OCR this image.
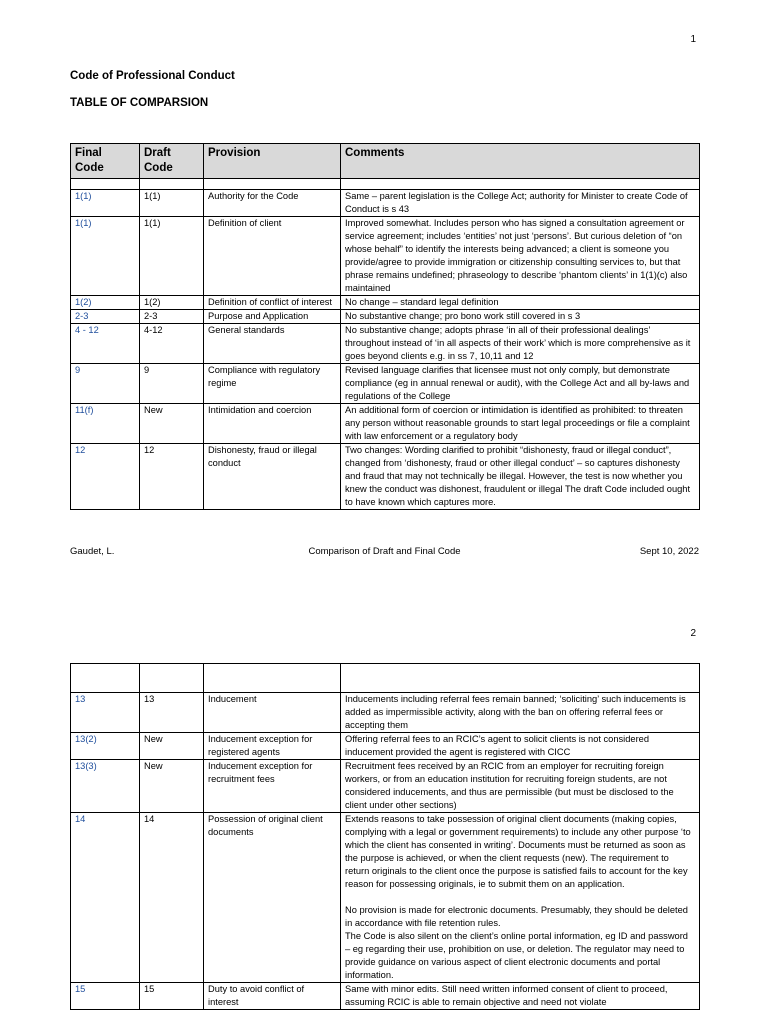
1
Code of Professional Conduct
TABLE OF COMPARSION
Final
Code	Draft
Code	Provision	Comments

1(1)	1(1)	Authority for the Code	Same – parent legislation is the College Act; authority for Minister to create Code of Conduct is s 43
1(1)	1(1)	Definition of client	Improved somewhat. Includes person who has signed a consultation agreement or service agreement; includes ‘entities’ not just ‘persons’. But curious deletion of “on whose behalf” to identify the interests being advanced; a client is someone you provide/agree to provide immigration or citizenship consulting services to, but that phrase remains undefined; phraseology to describe ‘phantom clients’ in 1(1)(c) also maintained
1(2)	1(2)	Definition of conflict of interest	No change – standard legal definition
2-3	2-3	Purpose and Application	No substantive change; pro bono work still covered in s 3
4 - 12	4-12	General standards	No substantive change; adopts phrase ‘in all of their professional dealings’ throughout instead of ‘in all aspects of their work’ which is more comprehensive as it goes beyond clients e.g. in ss 7, 10,11 and 12
9	9	Compliance with regulatory regime	Revised language clarifies that licensee must not only comply, but demonstrate compliance (eg in annual renewal or audit), with the College Act and all by-laws and regulations of the College
11(f)	New	Intimidation and coercion	An additional form of coercion or intimidation is identified as prohibited: to threaten any person without reasonable grounds to start legal proceedings or file a complaint with law enforcement or a regulatory body
12	12	Dishonesty, fraud or illegal conduct	Two changes: Wording clarified to prohibit “dishonesty, fraud or illegal conduct”, changed from ‘dishonesty, fraud or other illegal conduct’ – so captures dishonesty and fraud that may not technically be illegal. However, the test is now whether you knew the conduct was dishonest, fraudulent or illegal The draft Code included ought to have known which captures more.
Comparison of Draft and Final Code
Gaudet, L.	Sept 10, 2022
2

13	13	Inducement	Inducements including referral fees remain banned; ‘soliciting’ such inducements is added as impermissible activity, along with the ban on offering referral fees or accepting them
13(2)	New	Inducement exception for registered agents	Offering referral fees to an RCIC’s agent to solicit clients is not considered inducement provided the agent is registered with CICC
13(3)	New	Inducement exception for recruitment fees	Recruitment fees received by an RCIC from an employer for recruiting foreign workers, or from an education institution for recruiting foreign students, are not considered inducements, and thus are permissible (but must be disclosed to the client under other sections)
14	14	Possession of original client documents	Extends reasons to take possession of original client documents (making copies, complying with a legal or government requirements) to include any other purpose ‘to which the client has consented in writing’. Documents must be returned as soon as the purpose is achieved, or when the client requests (new). The requirement to return originals to the client once the purpose is satisfied fails to account for the key reason for possessing originals, ie to submit them on an application.
No provision is made for electronic documents. Presumably, they should be deleted in accordance with file retention rules.
The Code is also silent on the client’s online portal information, eg ID and password – eg regarding their use, prohibition on use, or deletion. The regulator may need to provide guidance on various aspect of client electronic documents and portal information.
15	15	Duty to avoid conflict of interest	Same with minor edits. Still need written informed consent of client to proceed, assuming RCIC is able to remain objective and need not violate
